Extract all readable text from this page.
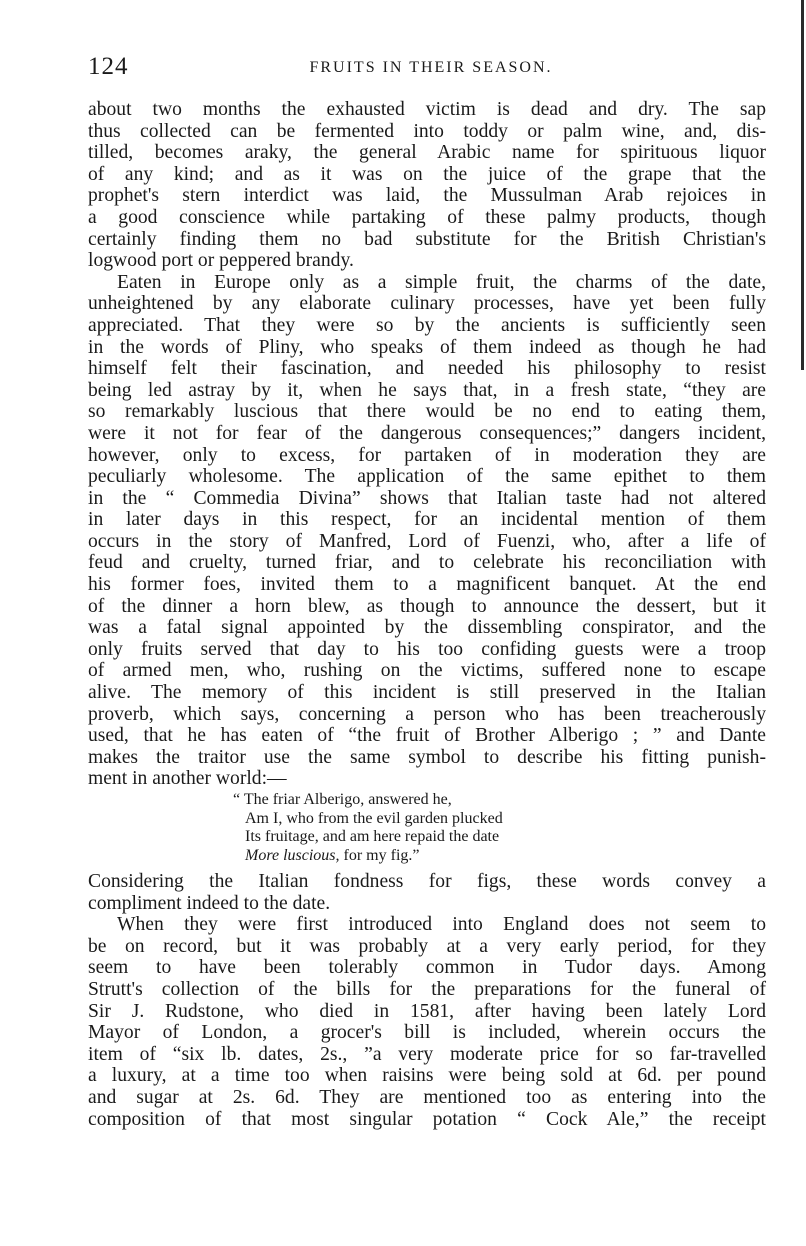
124	FRUITS IN THEIR SEASON.
about two months the exhausted victim is dead and dry. The sap
thus collected can be fermented into toddy or palm wine, and, dis-
tilled, becomes araky, the general Arabic name for spirituous liquor
of any kind; and as it was on the juice of the grape that the
prophet's stern interdict was laid, the Mussulman Arab rejoices in
a good conscience while partaking of these palmy products, though
certainly finding them no bad substitute for the British Christian's
logwood port or peppered brandy.
Eaten in Europe only as a simple fruit, the charms of the date,
unheightened by any elaborate culinary processes, have yet been fully
appreciated. That they were so by the ancients is sufficiently seen
in the words of Pliny, who speaks of them indeed as though he had
himself felt their fascination, and needed his philosophy to resist
being led astray by it, when he says that, in a fresh state, “they are
so remarkably luscious that there would be no end to eating them,
were it not for fear of the dangerous consequences;” dangers incident,
however, only to excess, for partaken of in moderation they are
peculiarly wholesome. The application of the same epithet to them
in the “ Commedia Divina” shows that Italian taste had not altered
in later days in this respect, for an incidental mention of them
occurs in the story of Manfred, Lord of Fuenzi, who, after a life of
feud and cruelty, turned friar, and to celebrate his reconciliation with
his former foes, invited them to a magnificent banquet. At the end
of the dinner a horn blew, as though to announce the dessert, but it
was a fatal signal appointed by the dissembling conspirator, and the
only fruits served that day to his too confiding guests were a troop
of armed men, who, rushing on the victims, suffered none to escape
alive. The memory of this incident is still preserved in the Italian
proverb, which says, concerning a person who has been treacherously
used, that he has eaten of “the fruit of Brother Alberigo ; ” and Dante
makes the traitor use the same symbol to describe his fitting punish-
ment in another world:—
“ The friar Alberigo, answered he,
Am I, who from the evil garden plucked
Its fruitage, and am here repaid the date
More luscious, for my fig.”
Considering the Italian fondness for figs, these words convey a
compliment indeed to the date.
When they were first introduced into England does not seem to
be on record, but it was probably at a very early period, for they
seem to have been tolerably common in Tudor days. Among
Strutt's collection of the bills for the preparations for the funeral of
Sir J. Rudstone, who died in 1581, after having been lately Lord
Mayor of London, a grocer's bill is included, wherein occurs the
item of “six lb. dates, 2s., ”a very moderate price for so far-travelled
a luxury, at a time too when raisins were being sold at 6d. per pound
and sugar at 2s. 6d. They are mentioned too as entering into the
composition of that most singular potation “ Cock Ale,” the receipt
